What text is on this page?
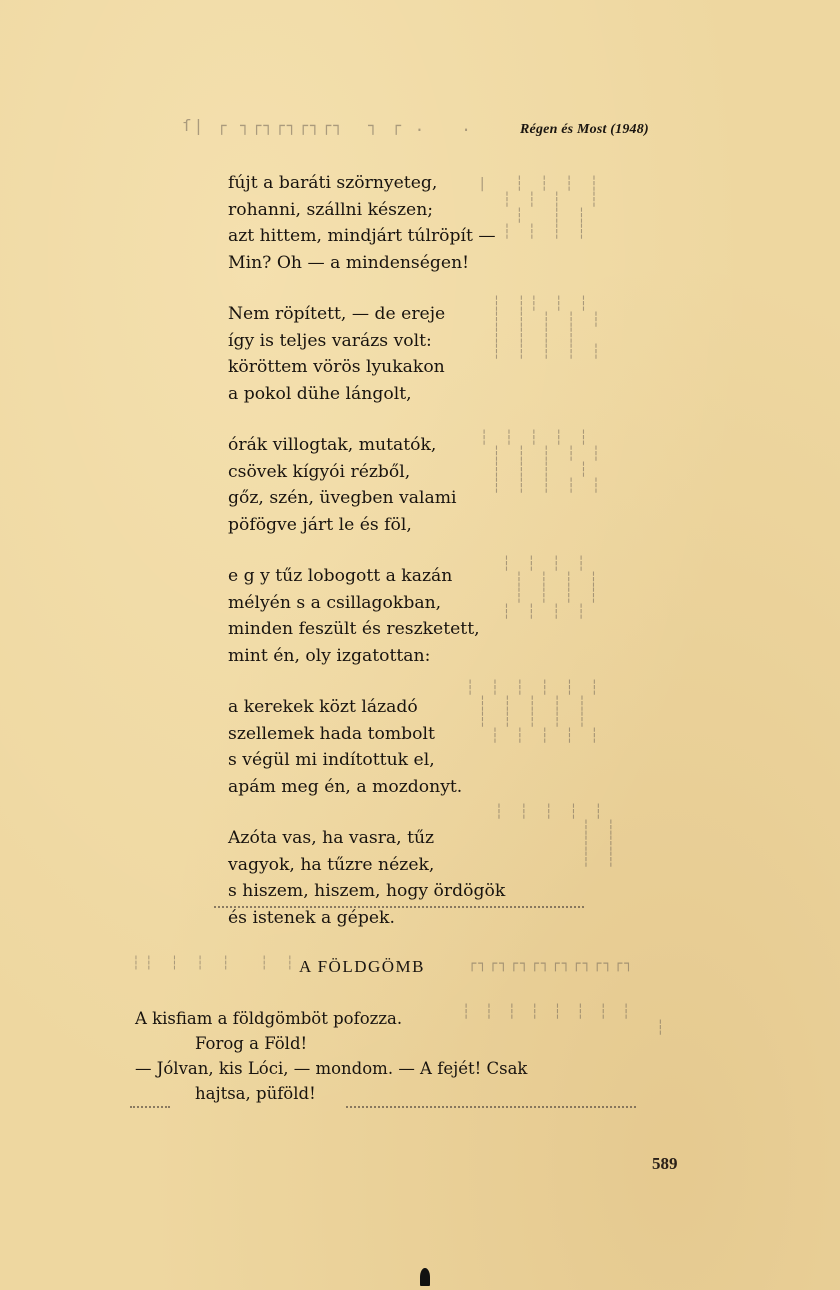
Régen és Most (1948)
ſ| ┌ ┐┌┐┌┐┌┐┌┐  ┐ ┌ .   .
|  ┆ ┆ ┆ ┆
┆ ┆ ┆  ┆
┆  ┆ ┆
┆ ┆ ┆ ┆
┆ ┆┆ ┆ ┆
┆ ┆ ┆ ┆ ┆
┆ ┆ ┆ ┆
┆ ┆ ┆ ┆ ┆
┆ ┆ ┆ ┆ ┆
┆ ┆ ┆ ┆ ┆
┆ ┆ ┆  ┆
┆ ┆ ┆ ┆ ┆
┆ ┆ ┆ ┆
┆ ┆ ┆ ┆
┆ ┆ ┆ ┆
┆ ┆ ┆ ┆
┆ ┆ ┆ ┆ ┆ ┆
┆ ┆ ┆ ┆ ┆
┆ ┆ ┆ ┆ ┆
┆ ┆ ┆ ┆ ┆
┆ ┆ ┆ ┆ ┆
┆ ┆
┆ ┆
┆ ┆
┆┆ ┆ ┆ ┆  ┆ ┆	┌┐┌┐┌┐┌┐┌┐┌┐┌┐┌┐
┆ ┆ ┆ ┆ ┆ ┆ ┆ ┆
┆
fújt a baráti szörnyeteg,
rohanni, szállni készen;
azt hittem, mindjárt túlröpít —
Min? Oh — a mindenségen!
Nem röpített, — de ereje
így is teljes varázs volt:
köröttem vörös lyukakon
a pokol dühe lángolt,
órák villogtak, mutatók,
csövek kígyói rézből,
gőz, szén, üvegben valami
pöfögve járt le és föl,
e g y tűz lobogott a kazán
mélyén s a csillagokban,
minden feszült és reszketett,
mint én, oly izgatottan:
a kerekek közt lázadó
szellemek hada tombolt
s végül mi indítottuk el,
apám meg én, a mozdonyt.
Azóta vas, ha vasra, tűz
vagyok, ha tűzre nézek,
s hiszem, hiszem, hogy ördögök
és istenek a gépek.
A FÖLDGÖMB
A kisfiam a földgömböt pofozza.
Forog a Föld!
— Jólvan, kis Lóci, — mondom. — A fejét! Csak
hajtsa, püföld!
589
